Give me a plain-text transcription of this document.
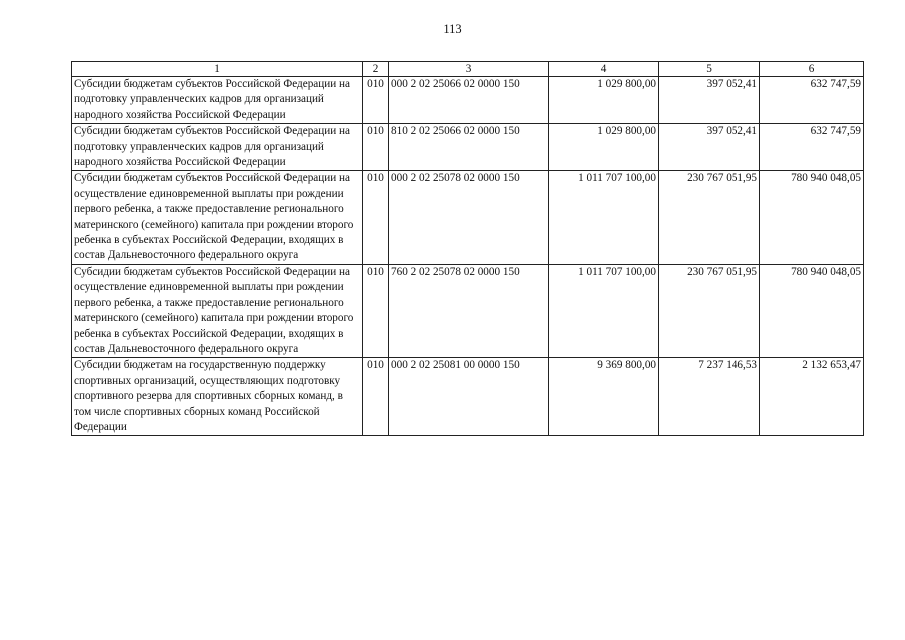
113
1	2	3	4	5	6
Субсидии бюджетам субъектов Российской Федерации на подготовку управленческих кадров для организаций народного хозяйства Российской Федерации	010	000 2 02 25066 02 0000 150	1 029 800,00	397 052,41	632 747,59
Субсидии бюджетам субъектов Российской Федерации на подготовку управленческих кадров для организаций народного хозяйства Российской Федерации	010	810 2 02 25066 02 0000 150	1 029 800,00	397 052,41	632 747,59
Субсидии бюджетам субъектов Российской Федерации на осуществление единовременной выплаты при рождении первого ребенка, а также предоставление регионального материнского (семейного) капитала при рождении второго ребенка в субъектах Российской Федерации, входящих в состав Дальневосточного федерального округа	010	000 2 02 25078 02 0000 150	1 011 707 100,00	230 767 051,95	780 940 048,05
Субсидии бюджетам субъектов Российской Федерации на осуществление единовременной выплаты при рождении первого ребенка, а также предоставление регионального материнского (семейного) капитала при рождении второго ребенка в субъектах Российской Федерации, входящих в состав Дальневосточного федерального округа	010	760 2 02 25078 02 0000 150	1 011 707 100,00	230 767 051,95	780 940 048,05
Субсидии бюджетам на государственную поддержку спортивных организаций, осуществляющих подготовку спортивного резерва для спортивных сборных команд, в том числе спортивных сборных команд Российской Федерации	010	000 2 02 25081 00 0000 150	9 369 800,00	7 237 146,53	2 132 653,47
